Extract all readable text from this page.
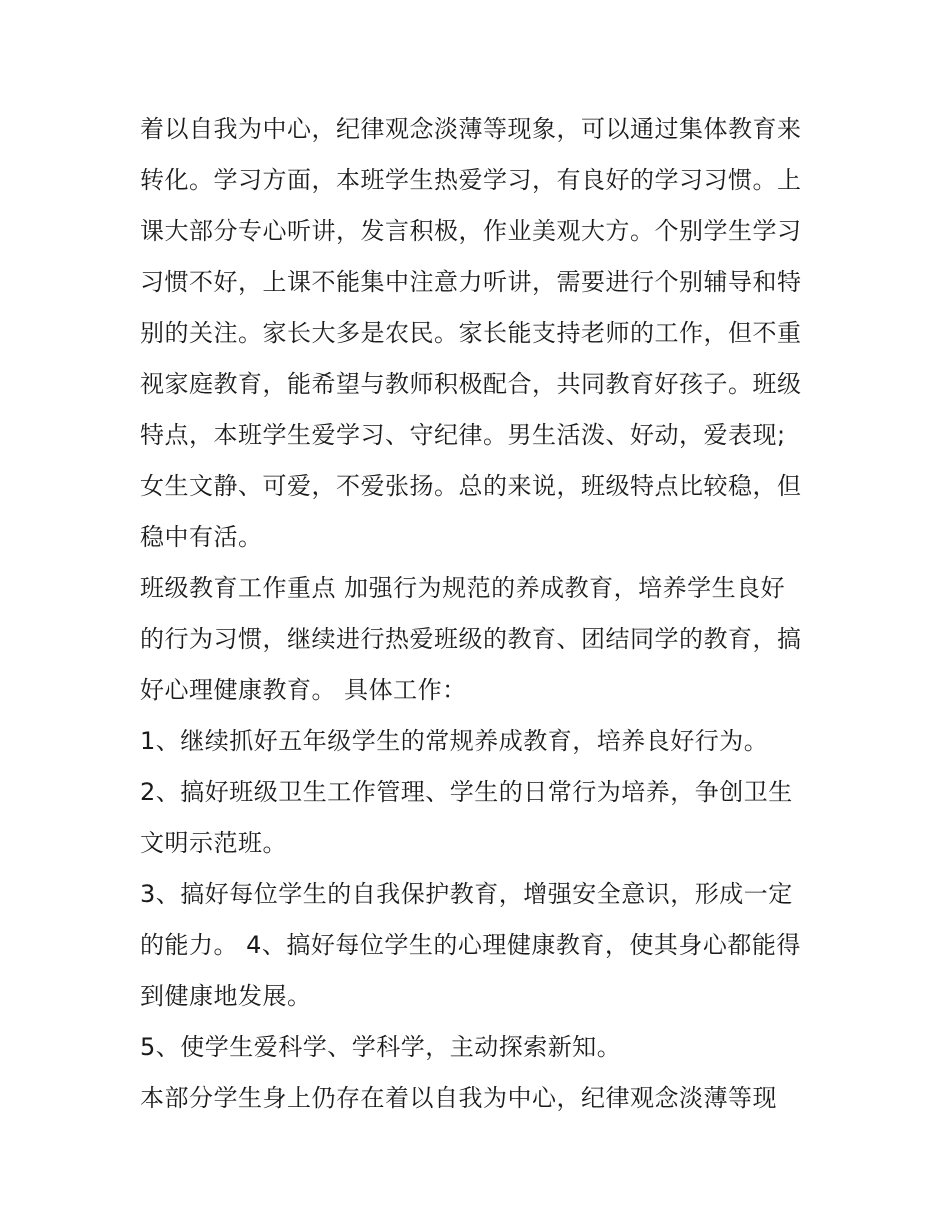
着以自我为中心，纪律观念淡薄等现象，可以通过集体教育来
转化。学习方面，本班学生热爱学习，有良好的学习习惯。上
课大部分专心听讲，发言积极，作业美观大方。个别学生学习
习惯不好，上课不能集中注意力听讲，需要进行个别辅导和特
别的关注。家长大多是农民。家长能支持老师的工作，但不重
视家庭教育，能希望与教师积极配合，共同教育好孩子。班级
特点，本班学生爱学习、守纪律。男生活泼、好动，爱表现;
女生文静、可爱，不爱张扬。总的来说，班级特点比较稳，但
稳中有活。
班级教育工作重点 加强行为规范的养成教育，培养学生良好
的行为习惯，继续进行热爱班级的教育、团结同学的教育，搞
好心理健康教育。 具体工作：
1、继续抓好五年级学生的常规养成教育，培养良好行为。
2、搞好班级卫生工作管理、学生的日常行为培养，争创卫生
文明示范班。
3、搞好每位学生的自我保护教育，增强安全意识，形成一定
的能力。 4、搞好每位学生的心理健康教育，使其身心都能得
到健康地发展。
5、使学生爱科学、学科学，主动探索新知。
本部分学生身上仍存在着以自我为中心，纪律观念淡薄等现
